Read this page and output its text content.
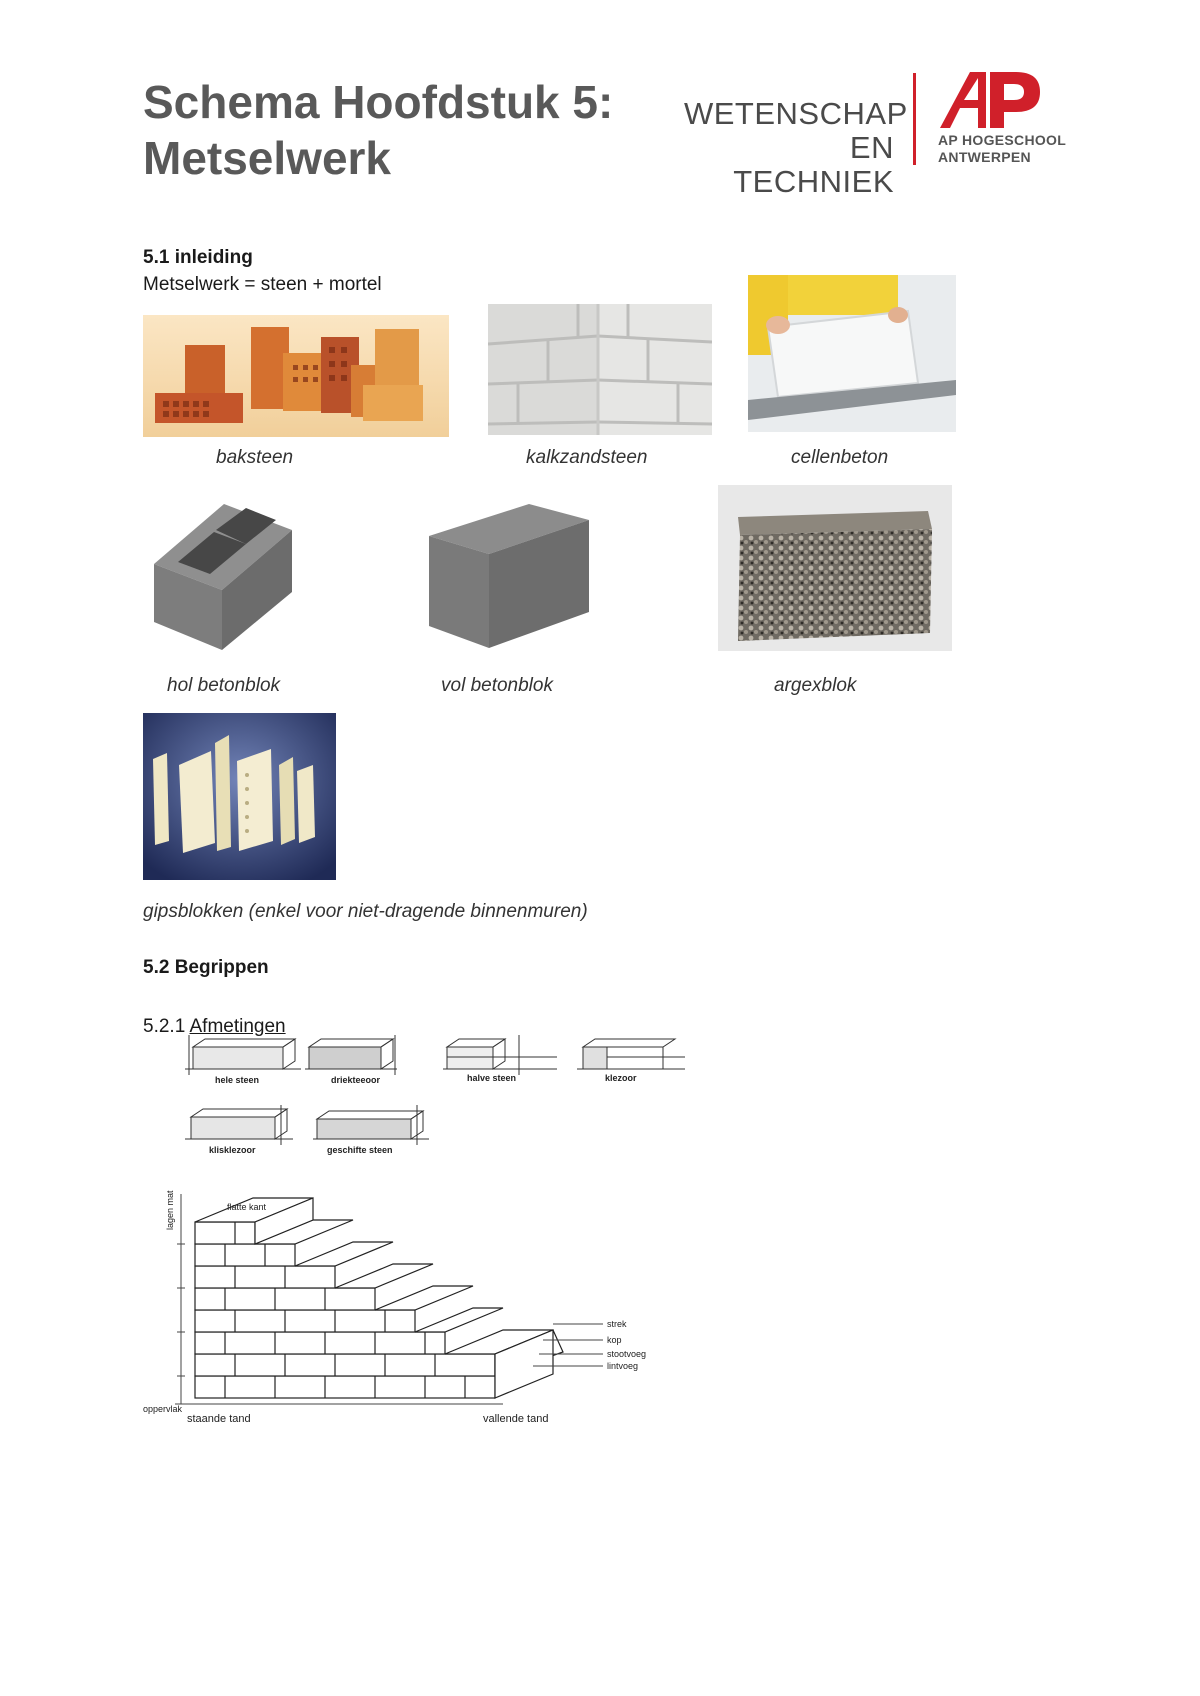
Schema Hoofdstuk 5:
Metselwerk
WETENSCHAP
EN TECHNIEK
AP HOGESCHOOL
ANTWERPEN
5.1 inleiding
Metselwerk = steen + mortel
baksteen	kalkzandsteen	cellenbeton
hol betonblok	vol betonblok	argexblok
gipsblokken (enkel voor niet-dragende binnenmuren)
5.2 Begrippen
5.2.1 Afmetingen
hele steen	driekteeoor	halve steen	klezoor
klisklezoor	geschifte steen
lagen mat	flatte kant
strek
kop
stootvoeg
lintvoeg
oppervlak
staande tand	vallende tand
